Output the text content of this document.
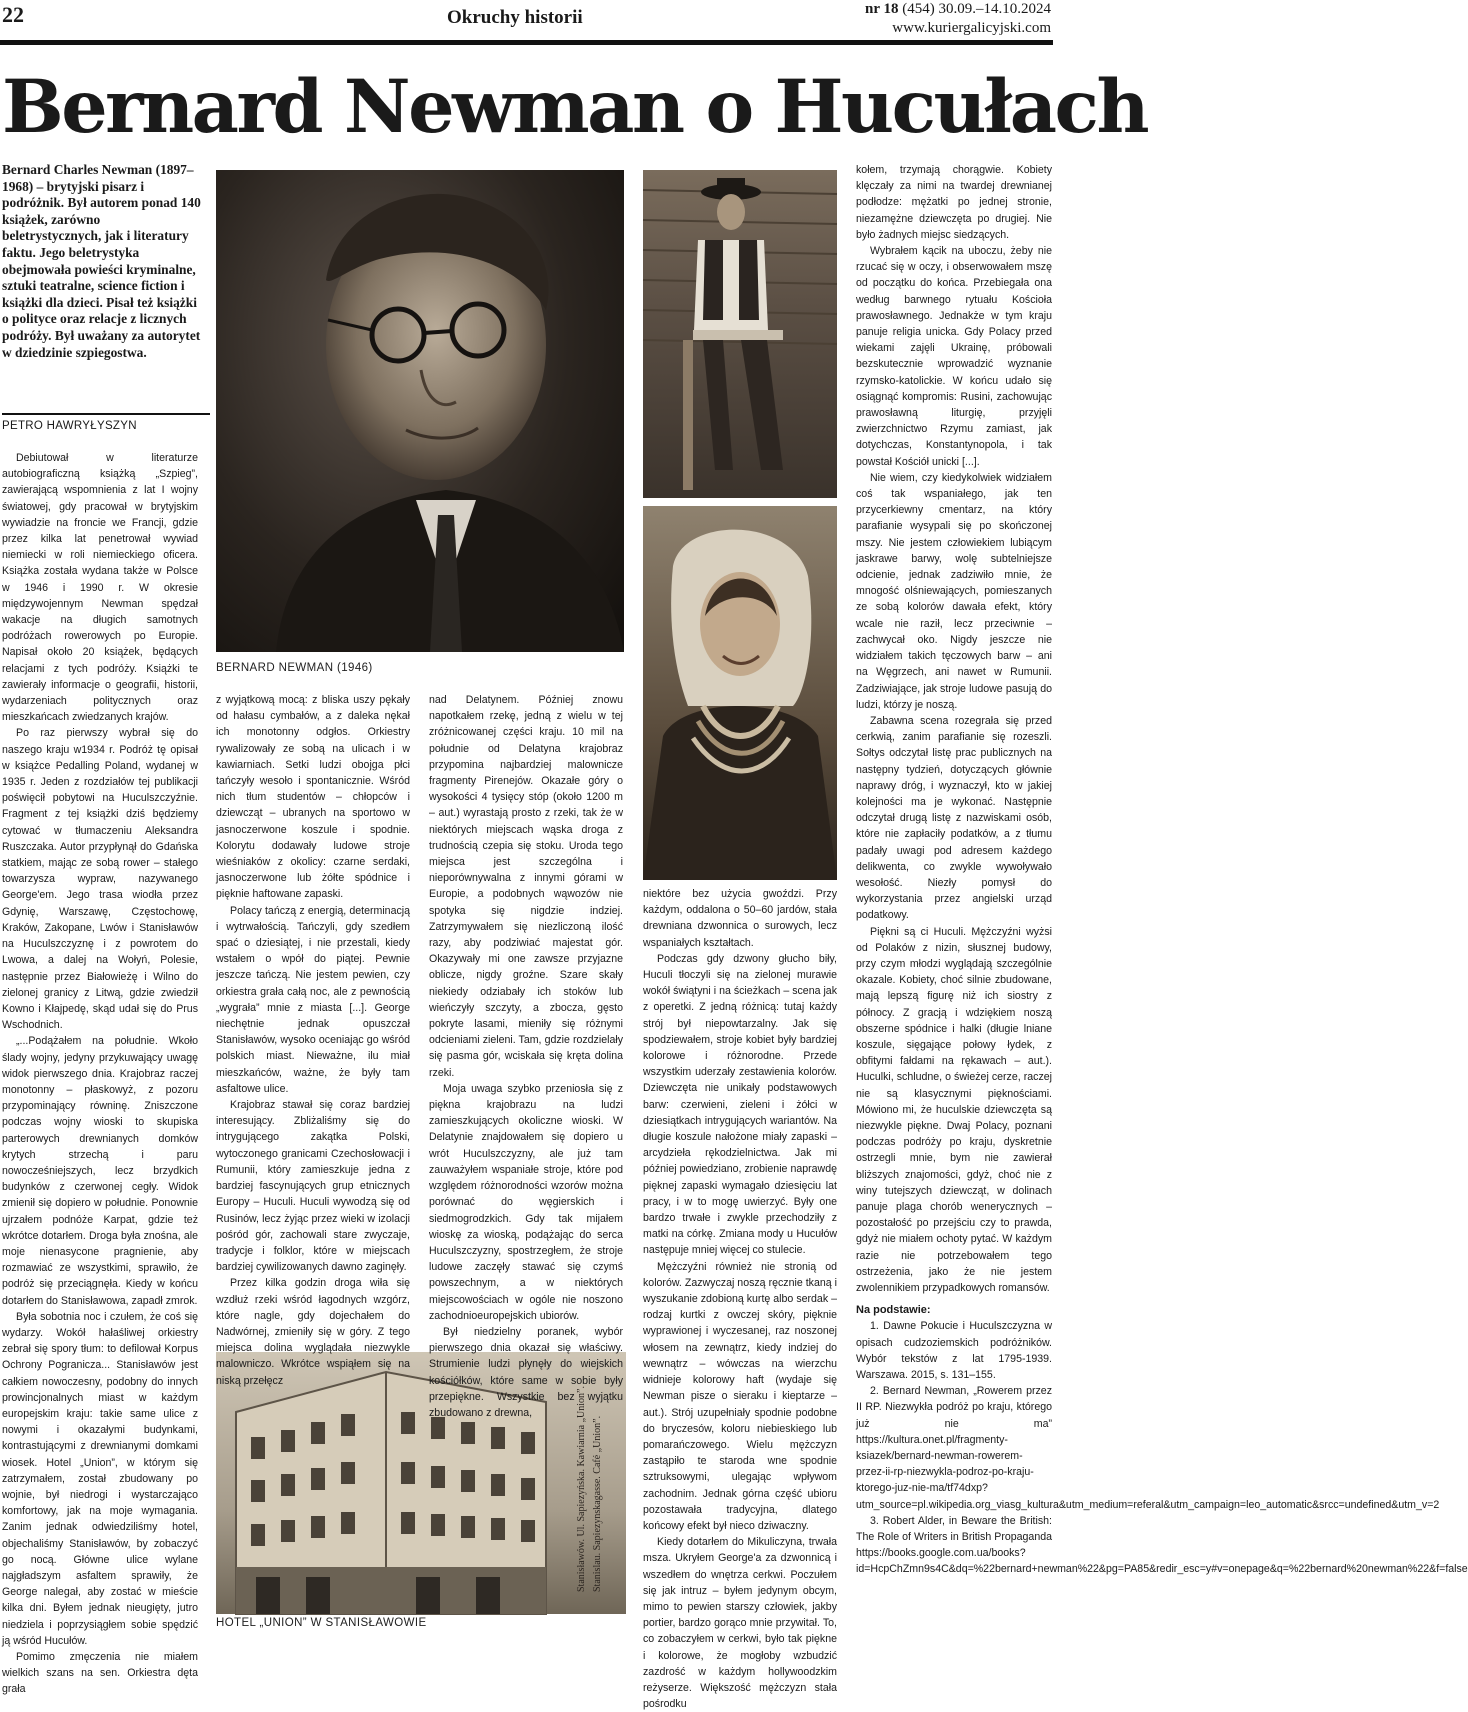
22	Okruchy historii	nr 18 (454) 30.09.–14.10.2024
www.kuriergalicyjski.com
Bernard Newman o Hucułach
Bernard Charles Newman (1897–1968) – brytyjski pisarz i podróżnik. Był autorem ponad 140 książek, zarówno beletrystycznych, jak i literatury faktu. Jego beletrystyka obejmowała powieści kryminalne, sztuki teatralne, science fiction i książki dla dzieci. Pisał też książki o polityce oraz relacje z licznych podróży. Był uważany za autorytet w dziedzinie szpiegostwa.
PETRO HAWRYŁYSZYN
BERNARD NEWMAN (1946)
Stanisławów. Ul. Sapiezyńska. Kawiarnia „Union”. Stanislau. Sapiezynskagasse. Café „Union”.
HOTEL „UNION” W STANISŁAWOWIE

Debiutował w literaturze autobiograficzną książką „Szpieg”, zawierającą wspomnienia z lat I wojny światowej, gdy pracował w brytyjskim wywiadzie na froncie we Francji, gdzie przez kilka lat penetrował wywiad niemiecki w roli niemieckiego oficera. Książka została wydana także w Polsce w 1946 i 1990 r. W okresie międzywojennym Newman spędzał wakacje na długich samotnych podróżach rowerowych po Europie. Napisał około 20 książek, będących relacjami z tych podróży. Książki te zawierały informacje o geografii, historii, wydarzeniach politycznych oraz mieszkańcach zwiedzanych krajów.

Po raz pierwszy wybrał się do naszego kraju w1934 r. Podróż tę opisał w książce Pedalling Poland, wydanej w 1935 r. Jeden z rozdziałów tej publikacji poświęcił pobytowi na Huculszczyźnie. Fragment z tej książki dziś będziemy cytować w tłumaczeniu Aleksandra Ruszczaka. Autor przypłynął do Gdańska statkiem, mając ze sobą rower – stałego towarzysza wypraw, nazywanego George'em. Jego trasa wiodła przez Gdynię, Warszawę, Częstochowę, Kraków, Zakopane, Lwów i Stanisławów na Huculszczyznę i z powrotem do Lwowa, a dalej na Wołyń, Polesie, następnie przez Białowieżę i Wilno do zielonej granicy z Litwą, gdzie zwiedził Kowno i Kłajpedę, skąd udał się do Prus Wschodnich.

„...Podążałem na południe. Wkoło ślady wojny, jedyny przykuwający uwagę widok pierwszego dnia. Krajobraz raczej monotonny – płaskowyż, z pozoru przypominający równinę. Zniszczone podczas wojny wioski to skupiska parterowych drewnianych domków krytych strzechą i paru nowocześniejszych, lecz brzydkich budynków z czerwonej cegły. Widok zmienił się dopiero w południe. Ponownie ujrzałem podnóże Karpat, gdzie też wkrótce dotarłem. Droga była znośna, ale moje nienasycone pragnienie, aby rozmawiać ze wszystkimi, sprawiło, że podróż się przeciągnęła. Kiedy w końcu dotarłem do Stanisławowa, zapadł zmrok.

Była sobotnia noc i czułem, że coś się wydarzy. Wokół hałaśliwej orkiestry zebrał się spory tłum: to defilował Korpus Ochrony Pogranicza... Stanisławów jest całkiem nowoczesny, podobny do innych prowincjonalnych miast w każdym europejskim kraju: takie same ulice z nowymi i okazałymi budynkami, kontrastującymi z drewnianymi domkami wiosek. Hotel „Union”, w którym się zatrzymałem, został zbudowany po wojnie, był niedrogi i wystarczająco komfortowy, jak na moje wymagania. Zanim jednak odwiedziliśmy hotel, objechaliśmy Stanisławów, by zobaczyć go nocą. Główne ulice wylane najgładszym asfaltem sprawiły, że George nalegał, aby zostać w mieście kilka dni. Byłem jednak nieugięty, jutro niedziela i poprzysiągłem sobie spędzić ją wśród Hucułów.

Pomimo zmęczenia nie miałem wielkich szans na sen. Orkiestra dęta grała

z wyjątkową mocą: z bliska uszy pękały od hałasu cymbałów, a z daleka nękał ich monotonny odgłos. Orkiestry rywalizowały ze sobą na ulicach i w kawiarniach. Setki ludzi obojga płci tańczyły wesoło i spontanicznie. Wśród nich tłum studentów – chłopców i dziewcząt – ubranych na sportowo w jasnoczerwone koszule i spodnie. Kolorytu dodawały ludowe stroje wieśniaków z okolicy: czarne serdaki, jasnoczerwone lub żółte spódnice i pięknie haftowane zapaski.

Polacy tańczą z energią, determinacją i wytrwałością. Tańczyli, gdy szedłem spać o dziesiątej, i nie przestali, kiedy wstałem o wpół do piątej. Pewnie jeszcze tańczą. Nie jestem pewien, czy orkiestra grała całą noc, ale z pewnością „wygrała” mnie z miasta [...]. George niechętnie jednak opuszczał Stanisławów, wysoko oceniając go wśród polskich miast. Nieważne, ilu miał mieszkańców, ważne, że były tam asfaltowe ulice.

Krajobraz stawał się coraz bardziej interesujący. Zbliżaliśmy się do intrygującego zakątka Polski, wytoczonego granicami Czechosłowacji i Rumunii, który zamieszkuje jedna z bardziej fascynujących grup etnicznych Europy – Huculi. Huculi wywodzą się od Rusinów, lecz żyjąc przez wieki w izolacji pośród gór, zachowali stare zwyczaje, tradycje i folklor, które w miejscach bardziej cywilizowanych dawno zaginęły.

Przez kilka godzin droga wiła się wzdłuż rzeki wśród łagodnych wzgórz, które nagle, gdy dojechałem do Nadwórnej, zmieniły się w góry. Z tego miejsca dolina wyglądała niezwykle malowniczo. Wkrótce wspiąłem się na niską przełęcz

nad Delatynem. Później znowu napotkałem rzekę, jedną z wielu w tej zróżnicowanej części kraju. 10 mil na południe od Delatyna krajobraz przypomina najbardziej malownicze fragmenty Pirenejów. Okazałe góry o wysokości 4 tysięcy stóp (około 1200 m – aut.) wyrastają prosto z rzeki, tak że w niektórych miejscach wąska droga z trudnością czepia się stoku. Uroda tego miejsca jest szczególna i nieporównywalna z innymi górami w Europie, a podobnych wąwozów nie spotyka się nigdzie indziej. Zatrzymywałem się niezliczoną ilość razy, aby podziwiać majestat gór. Okazywały mi one zawsze przyjazne oblicze, nigdy groźne. Szare skały niekiedy odziabały ich stoków lub wieńczyły szczyty, a zbocza, gęsto pokryte lasami, mieniły się różnymi odcieniami zieleni. Tam, gdzie rozdzielały się pasma gór, wciskała się kręta dolina rzeki.

Moja uwaga szybko przeniosła się z piękna krajobrazu na ludzi zamieszkujących okoliczne wioski. W Delatynie znajdowałem się dopiero u wrót Huculszczyzny, ale już tam zauważyłem wspaniałe stroje, które pod względem różnorodności wzorów można porównać do węgierskich i siedmogrodzkich. Gdy tak mijałem wioskę za wioską, podążając do serca Huculszczyzny, spostrzegłem, że stroje ludowe zaczęły stawać się czymś powszechnym, a w niektórych miejscowościach w ogóle nie noszono zachodnioeuropejskich ubiorów.

Był niedzielny poranek, wybór pierwszego dnia okazał się właściwy. Strumienie ludzi płynęły do wiejskich kościółków, które same w sobie były przepiękne. Wszystkie bez wyjątku zbudowano z drewna,

niektóre bez użycia gwoździ. Przy każdym, oddalona o 50–60 jardów, stała drewniana dzwonnica o surowych, lecz wspaniałych kształtach.

Podczas gdy dzwony głucho biły, Huculi tłoczyli się na zielonej murawie wokół świątyni i na ścieżkach – scena jak z operetki. Z jedną różnicą: tutaj każdy strój był niepowtarzalny. Jak się spodziewałem, stroje kobiet były bardziej kolorowe i różnorodne. Przede wszystkim uderzały zestawienia kolorów. Dziewczęta nie unikały podstawowych barw: czerwieni, zieleni i żółci w dziesiątkach intrygujących wariantów. Na długie koszule nałożone miały zapaski – arcydzieła rękodzielnictwa. Jak mi później powiedziano, zrobienie naprawdę pięknej zapaski wymagało dziesięciu lat pracy, i w to mogę uwierzyć. Były one bardzo trwałe i zwykle przechodziły z matki na córkę. Zmiana mody u Hucułów następuje mniej więcej co stulecie.

Mężczyźni również nie stronią od kolorów. Zazwyczaj noszą ręcznie tkaną i wyszukanie zdobioną kurtę albo serdak – rodzaj kurtki z owczej skóry, pięknie wyprawionej i wyczesanej, raz noszonej włosem na zewnątrz, kiedy indziej do wewnątrz – wówczas na wierzchu widnieje kolorowy haft (wydaje się Newman pisze o sieraku i kieptarze – aut.). Strój uzupełniały spodnie podobne do bryczesów, koloru niebieskiego lub pomarańczowego. Wielu mężczyzn zastąpiło te staroda wne spodnie sztruksowymi, ulegając wpływom zachodnim. Jednak górna część ubioru pozostawała tradycyjna, dlatego końcowy efekt był nieco dziwaczny.

Kiedy dotarłem do Mikuliczyna, trwała msza. Ukryłem George'a za dzwonnicą i wszedłem do wnętrza cerkwi. Poczułem się jak intruz – byłem jedynym obcym, mimo to pewien starszy człowiek, jakby portier, bardzo gorąco mnie przywitał. To, co zobaczyłem w cerkwi, było tak piękne i kolorowe, że mogłoby wzbudzić zazdrość w każdym hollywoodzkim reżyserze. Większość mężczyzn stała pośrodku

kołem, trzymają chorągwie. Kobiety klęczały za nimi na twardej drewnianej podłodze: mężatki po jednej stronie, niezamężne dziewczęta po drugiej. Nie było żadnych miejsc siedzących.

Wybrałem kącik na uboczu, żeby nie rzucać się w oczy, i obserwowałem mszę od początku do końca. Przebiegała ona według barwnego rytuału Kościoła prawosławnego. Jednakże w tym kraju panuje religia unicka. Gdy Polacy przed wiekami zajęli Ukrainę, próbowali bezskutecznie wprowadzić wyznanie rzymsko-katolickie. W końcu udało się osiągnąć kompromis: Rusini, zachowując prawosławną liturgię, przyjęli zwierzchnictwo Rzymu zamiast, jak dotychczas, Konstantynopola, i tak powstał Kościół unicki [...].

Nie wiem, czy kiedykolwiek widziałem coś tak wspaniałego, jak ten przycerkiewny cmentarz, na który parafianie wysypali się po skończonej mszy. Nie jestem człowiekiem lubiącym jaskrawe barwy, wolę subtelniejsze odcienie, jednak zadziwiło mnie, że mnogość olśniewających, pomieszanych ze sobą kolorów dawała efekt, który wcale nie raził, lecz przeciwnie – zachwycał oko. Nigdy jeszcze nie widziałem takich tęczowych barw – ani na Węgrzech, ani nawet w Rumunii. Zadziwiające, jak stroje ludowe pasują do ludzi, którzy je noszą.

Zabawna scena rozegrała się przed cerkwią, zanim parafianie się rozeszli. Sołtys odczytał listę prac publicznych na następny tydzień, dotyczących głównie naprawy dróg, i wyznaczył, kto w jakiej kolejności ma je wykonać. Następnie odczytał drugą listę z nazwiskami osób, które nie zapłaciły podatków, a z tłumu padały uwagi pod adresem każdego delikwenta, co zwykle wywoływało wesołość. Niezły pomysł do wykorzystania przez angielski urząd podatkowy.

Piękni są ci Huculi. Mężczyźni wyżsi od Polaków z nizin, słusznej budowy, przy czym młodzi wyglądają szczególnie okazale. Kobiety, choć silnie zbudowane, mają lepszą figurę niż ich siostry z północy. Z gracją i wdziękiem noszą obszerne spódnice i halki (długie lniane koszule, sięgające połowy łydek, z obfitymi fałdami na rękawach – aut.). Huculki, schludne, o świeżej cerze, raczej nie są klasycznymi pięknościami. Mówiono mi, że huculskie dziewczęta są niezwykle piękne. Dwaj Polacy, poznani podczas podróży po kraju, dyskretnie ostrzegli mnie, bym nie zawierał bliższych znajomości, gdyż, choć nie z winy tutejszych dziewcząt, w dolinach panuje plaga chorób wenerycznych – pozostałość po przejściu czy to prawda, gdyż nie miałem ochoty pytać. W każdym razie nie potrzebowałem tego ostrzeżenia, jako że nie jestem zwolennikiem przypadkowych romansów.

Na podstawie:

1. Dawne Pokucie i Huculszczyzna w opisach cudzoziemskich podróżników. Wybór tekstów z lat 1795-1939. Warszawa. 2015, s. 131–155.

2. Bernard Newman, „Rowerem przez II RP. Niezwykła podróż po kraju, którego już nie ma” https://kultura.onet.pl/fragmenty-ksiazek/bernard-newman-rowerem-przez-ii-rp-niezwykla-podroz-po-kraju-ktorego-juz-nie-ma/tf74dxp?utm_source=pl.wikipedia.org_viasg_kultura&utm_medium=referal&utm_campaign=leo_automatic&srcc=undefined&utm_v=2

3. Robert Alder, in Beware the British: The Role of Writers in British Propaganda https://books.google.com.ua/books?id=HcpChZmn9s4C&dq=%22bernard+newman%22&pg=PA85&redir_esc=y#v=onepage&q=%22bernard%20newman%22&f=false
